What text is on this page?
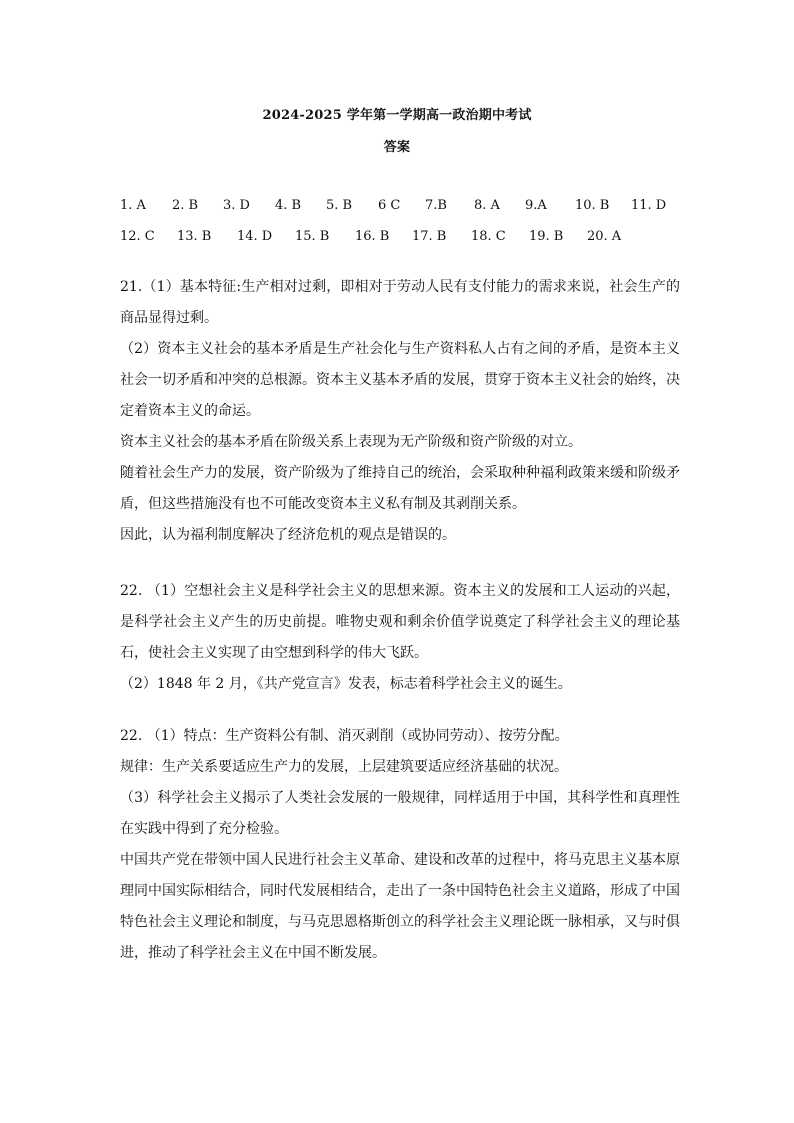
2024-2025 学年第一学期高一政治期中考试
答案
1. A 2. B 3. D 4. B 5. B 6 C 7.B 8. A 9.A 10. B 11. D
12. C 13. B 14. D 15. B 16. B 17. B 18. C 19. B 20. A

21.（1）基本特征:生产相对过剩，即相对于劳动人民有支付能力的需求来说，社会生产的商品显得过剩。

（2）资本主义社会的基本矛盾是生产社会化与生产资料私人占有之间的矛盾，是资本主义社会一切矛盾和冲突的总根源。资本主义基本矛盾的发展，贯穿于资本主义社会的始终，决定着资本主义的命运。

资本主义社会的基本矛盾在阶级关系上表现为无产阶级和资产阶级的对立。

随着社会生产力的发展，资产阶级为了维持自己的统治，会采取种种福利政策来缓和阶级矛盾，但这些措施没有也不可能改变资本主义私有制及其剥削关系。

因此，认为福利制度解决了经济危机的观点是错误的。

22. （1）空想社会主义是科学社会主义的思想来源。资本主义的发展和工人运动的兴起，是科学社会主义产生的历史前提。唯物史观和剩余价值学说奠定了科学社会主义的理论基石，使社会主义实现了由空想到科学的伟大飞跃。

（2）1848 年 2 月，《共产党宣言》发表，标志着科学社会主义的诞生。

22. （1）特点：生产资料公有制、消灭剥削（或协同劳动）、按劳分配。

规律：生产关系要适应生产力的发展，上层建筑要适应经济基础的状况。

（3）科学社会主义揭示了人类社会发展的一般规律，同样适用于中国，其科学性和真理性在实践中得到了充分检验。

中国共产党在带领中国人民进行社会主义革命、建设和改革的过程中，将马克思主义基本原理同中国实际相结合，同时代发展相结合，走出了一条中国特色社会主义道路，形成了中国特色社会主义理论和制度，与马克思恩格斯创立的科学社会主义理论既一脉相承，又与时俱进，推动了科学社会主义在中国不断发展。
